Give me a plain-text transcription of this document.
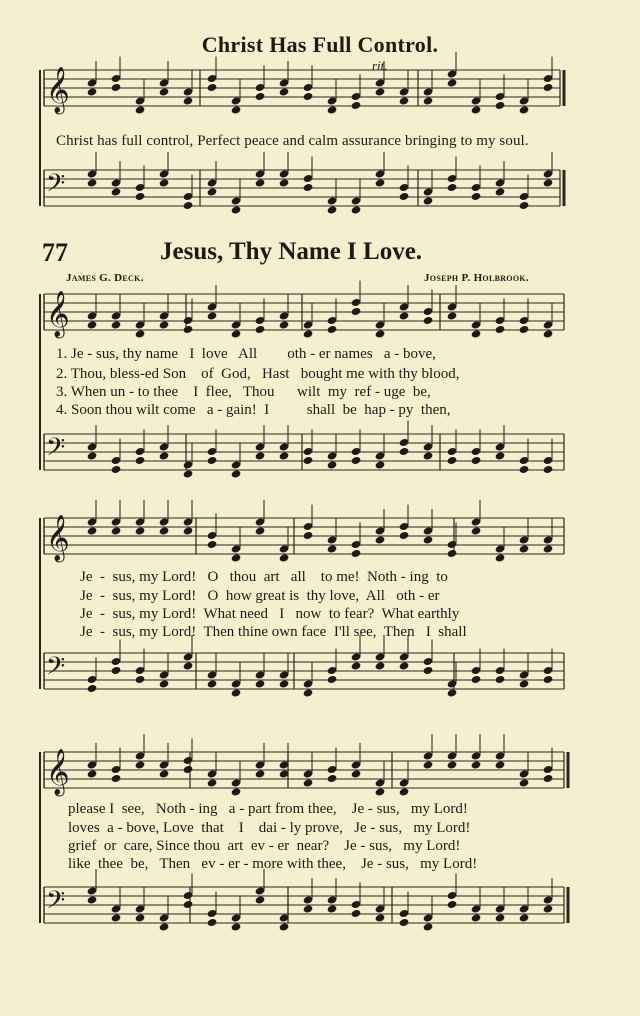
𝄞
𝄢
𝄞
𝄢
𝄞
𝄢
𝄞
𝄢
Christ Has Full Control.
rit.
Christ has full control, Perfect peace and calm assurance bringing to my soul.
77	Jesus, Thy Name I Love.
James G. Deck.	Joseph P. Holbrook.
1. Je - sus, thy name   I  love   All        oth - er names   a - bove,
2. Thou, bless-ed Son    of  God,   Hast   bought me with thy blood,
3. When un - to thee    I  flee,   Thou      wilt  my  ref - uge  be,
4. Soon thou wilt come   a - gain!  I          shall  be  hap - py  then,
Je  -  sus, my Lord!   O   thou  art   all    to me!  Noth - ing  to
Je  -  sus, my Lord!   O  how great is  thy love,  All   oth - er
Je  -  sus, my Lord!  What need   I   now  to fear?  What earthly
Je  -  sus, my Lord!  Then thine own face  I'll see,  Then   I  shall
please I  see,   Noth - ing   a - part from thee,    Je - sus,   my Lord!
loves  a - bove, Love  that    I    dai - ly prove,   Je - sus,   my Lord!
grief  or  care, Since thou  art  ev - er  near?    Je - sus,   my Lord!
like  thee  be,   Then   ev - er - more with thee,    Je - sus,   my Lord!
